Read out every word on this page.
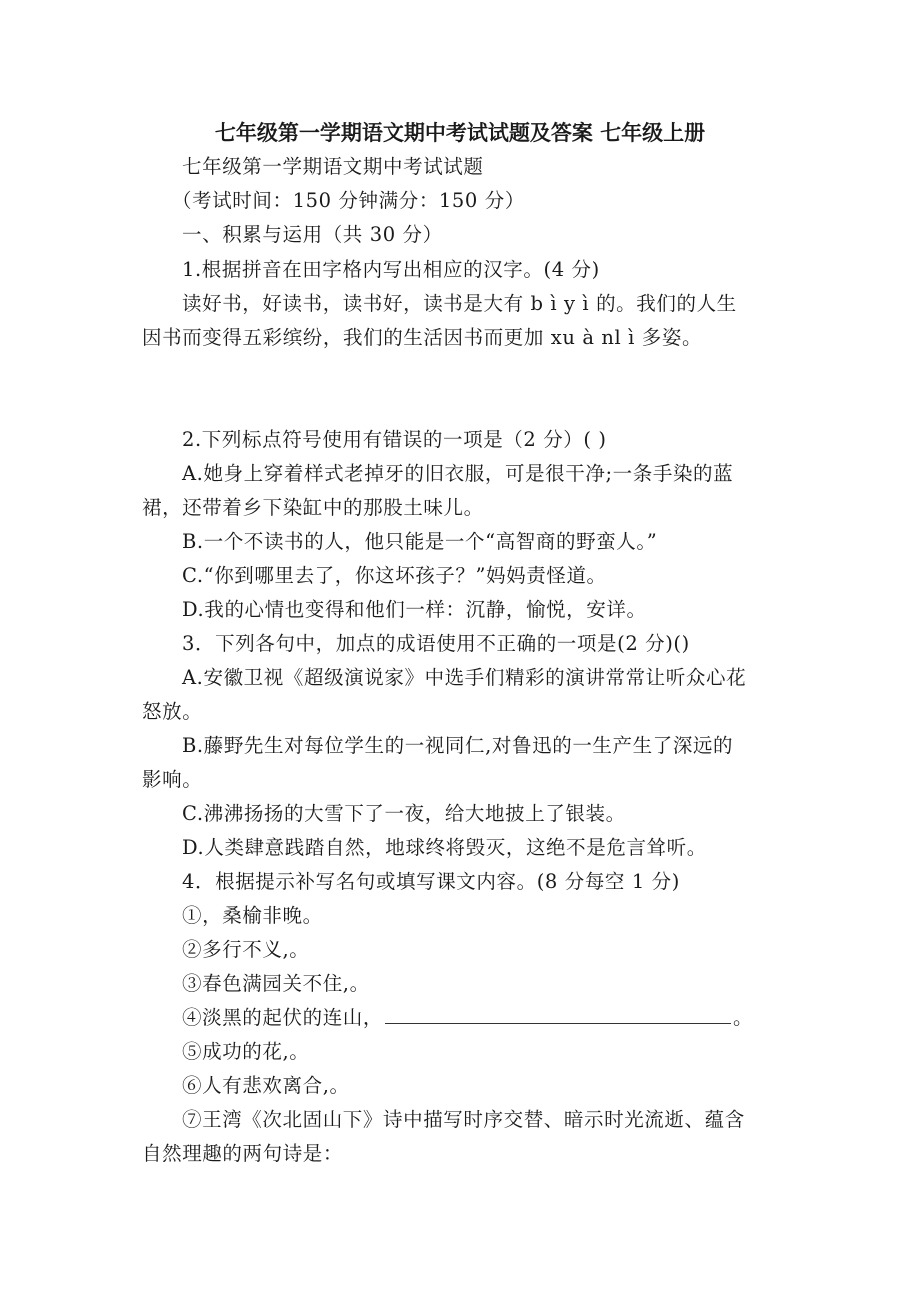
七年级第一学期语文期中考试试题及答案 七年级上册
七年级第一学期语文期中考试试题
（考试时间：150 分钟满分：150 分）
一、积累与运用（共 30 分）
1.根据拼音在田字格内写出相应的汉字。(4 分)
读好书，好读书，读书好，读书是大有 b ì y ì 的。我们的人生
因书而变得五彩缤纷，我们的生活因书而更加 xu à nl ì 多姿。
2.下列标点符号使用有错误的一项是（2 分）( )
A.她身上穿着样式老掉牙的旧衣服，可是很干净;一条手染的蓝
裙，还带着乡下染缸中的那股土味儿。
B.一个不读书的人，他只能是一个“高智商的野蛮人。”
C.“你到哪里去了，你这坏孩子？”妈妈责怪道。
D.我的心情也变得和他们一样：沉静，愉悦，安详。
3．下列各句中，加点的成语使用不正确的一项是(2 分)()
A.安徽卫视《超级演说家》中选手们精彩的演讲常常让听众心花
怒放。
B.藤野先生对每位学生的一视同仁,对鲁迅的一生产生了深远的
影响。
C.沸沸扬扬的大雪下了一夜，给大地披上了银装。
D.人类肆意践踏自然，地球终将毁灭，这绝不是危言耸听。
4．根据提示补写名句或填写课文内容。(8 分每空 1 分)
①，桑榆非晚。
②多行不义,。
③春色满园关不住,。
④淡黑的起伏的连山，	。
⑤成功的花,。
⑥人有悲欢离合,。
⑦王湾《次北固山下》诗中描写时序交替、暗示时光流逝、蕴含
自然理趣的两句诗是：
